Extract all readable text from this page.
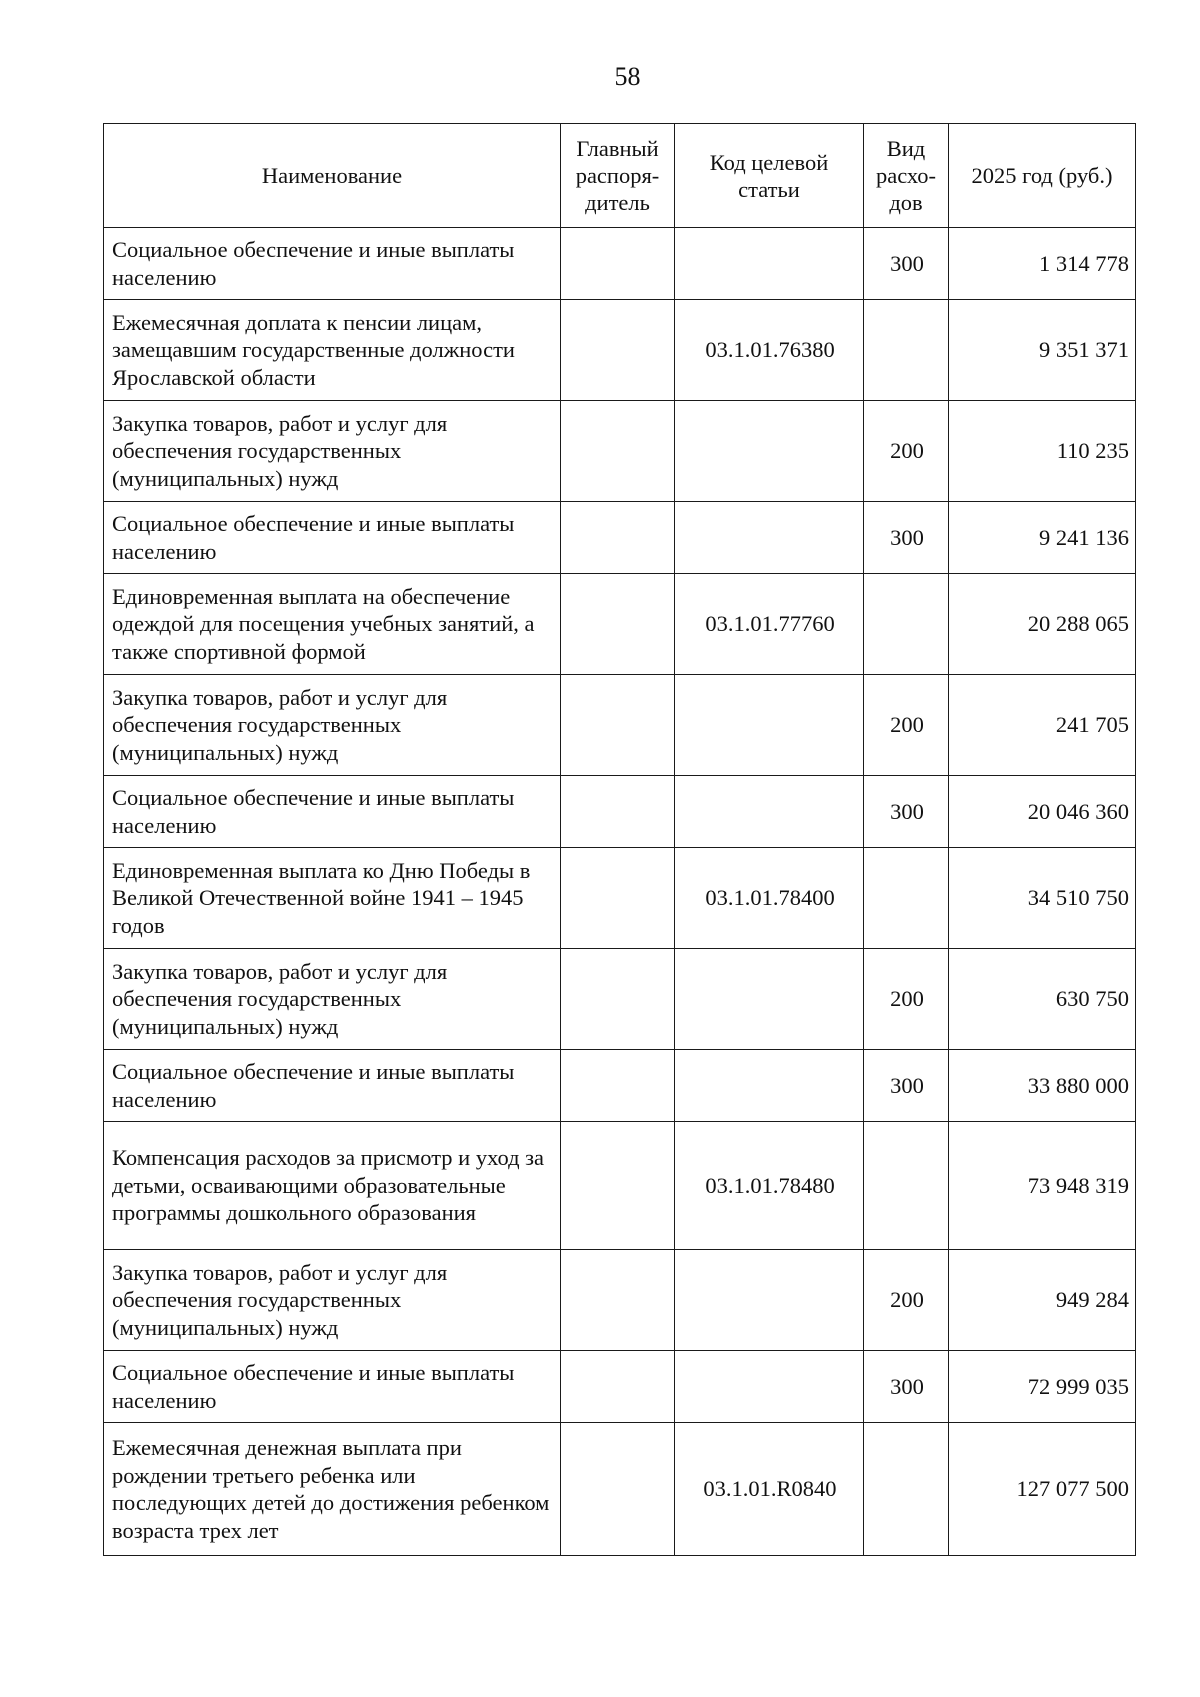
58
Наименование	Главный распоря-дитель	Код целевой статьи	Вид расхо-дов	2025 год (руб.)
Социальное обеспечение и иные выплаты населению			300	1 314 778
Ежемесячная доплата к пенсии лицам, замещавшим государственные должности Ярославской области		03.1.01.76380		9 351 371
Закупка товаров, работ и услуг для обеспечения государственных (муниципальных) нужд			200	110 235
Социальное обеспечение и иные выплаты населению			300	9 241 136
Единовременная выплата на обеспечение одеждой для посещения учебных занятий, а также спортивной формой		03.1.01.77760		20 288 065
Закупка товаров, работ и услуг для обеспечения государственных (муниципальных) нужд			200	241 705
Социальное обеспечение и иные выплаты населению			300	20 046 360
Единовременная выплата ко Дню Победы в Великой Отечественной войне 1941 – 1945 годов		03.1.01.78400		34 510 750
Закупка товаров, работ и услуг для обеспечения государственных (муниципальных) нужд			200	630 750
Социальное обеспечение и иные выплаты населению			300	33 880 000
Компенсация расходов за присмотр и уход за детьми, осваивающими образовательные программы дошкольного образования		03.1.01.78480		73 948 319
Закупка товаров, работ и услуг для обеспечения государственных (муниципальных) нужд			200	949 284
Социальное обеспечение и иные выплаты населению			300	72 999 035
Ежемесячная денежная выплата при рождении третьего ребенка или последующих детей до достижения ребенком возраста трех лет		03.1.01.R0840		127 077 500
